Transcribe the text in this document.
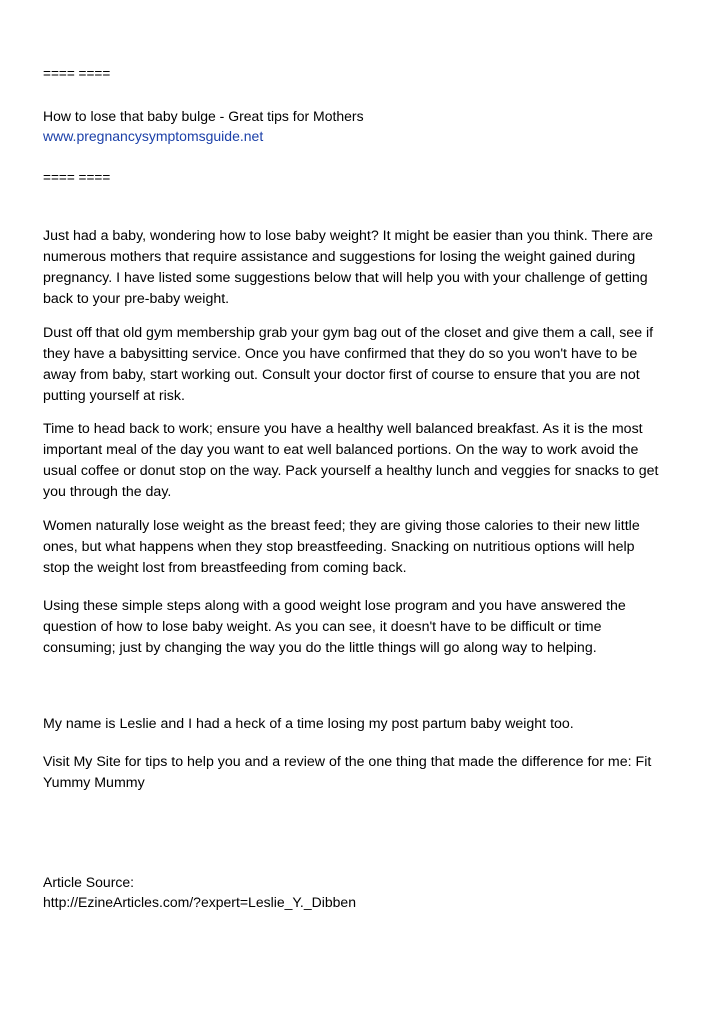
==== ====
How to lose that baby bulge - Great tips for Mothers
www.pregnancysymptomsguide.net
==== ====
Just had a baby, wondering how to lose baby weight? It might be easier than you think. There are
numerous mothers that require assistance and suggestions for losing the weight gained during
pregnancy. I have listed some suggestions below that will help you with your challenge of getting
back to your pre-baby weight.
Dust off that old gym membership grab your gym bag out of the closet and give them a call, see if
they have a babysitting service. Once you have confirmed that they do so you won't have to be
away from baby, start working out. Consult your doctor first of course to ensure that you are not
putting yourself at risk.
Time to head back to work; ensure you have a healthy well balanced breakfast. As it is the most
important meal of the day you want to eat well balanced portions. On the way to work avoid the
usual coffee or donut stop on the way. Pack yourself a healthy lunch and veggies for snacks to get
you through the day.
Women naturally lose weight as the breast feed; they are giving those calories to their new little
ones, but what happens when they stop breastfeeding. Snacking on nutritious options will help
stop the weight lost from breastfeeding from coming back.
Using these simple steps along with a good weight lose program and you have answered the
question of how to lose baby weight. As you can see, it doesn't have to be difficult or time
consuming; just by changing the way you do the little things will go along way to helping.
My name is Leslie and I had a heck of a time losing my post partum baby weight too.
Visit My Site for tips to help you and a review of the one thing that made the difference for me: Fit
Yummy Mummy
Article Source:
http://EzineArticles.com/?expert=Leslie_Y._Dibben
